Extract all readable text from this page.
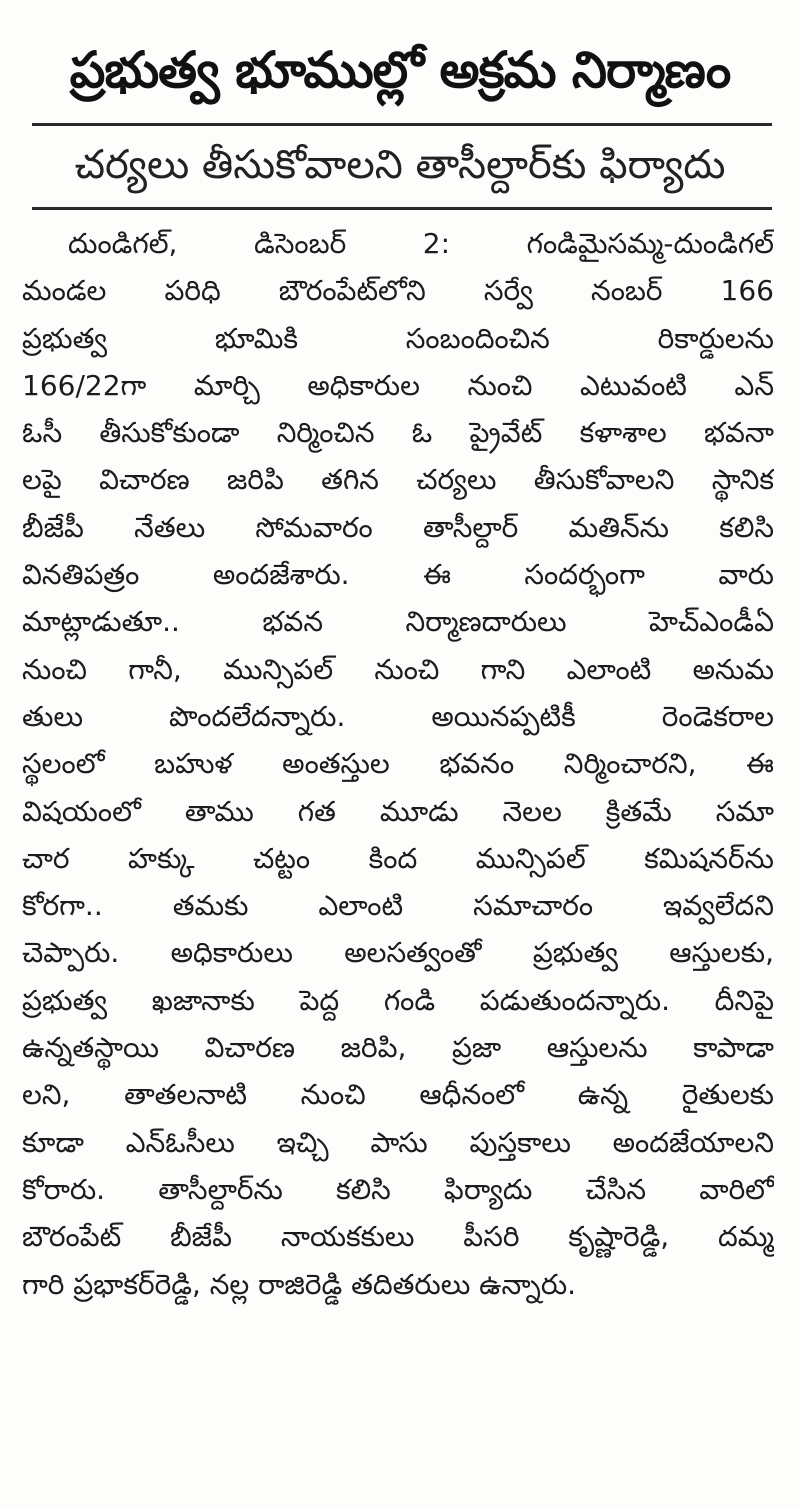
ప్రభుత్వ భూముల్లో అక్రమ నిర్మాణం
చర్యలు తీసుకోవాలని తాసీల్దార్‌కు ఫిర్యాదు
దుండిగల్, డిసెంబర్ 2: గండిమైసమ్మ-దుండిగల్
మండల పరిధి బౌరంపేట్‌లోని సర్వే నంబర్ 166
ప్రభుత్వ భూమికి సంబందించిన రికార్డులను
166/22గా మార్చి అధికారుల నుంచి ఎటువంటి ఎన్
ఓసీ తీసుకోకుండా నిర్మించిన ఓ ప్రైవేట్ కళాశాల భవనా
లపై విచారణ జరిపి తగిన చర్యలు తీసుకోవాలని స్థానిక
బీజేపీ నేతలు సోమవారం తాసీల్దార్ మతిన్‌ను కలిసి
వినతిపత్రం అందజేశారు. ఈ సందర్భంగా వారు
మాట్లాడుతూ.. భవన నిర్మాణదారులు హెచ్ఎండీఏ
నుంచి గానీ, మున్సిపల్ నుంచి గాని ఎలాంటి అనుమ
తులు పొందలేదన్నారు. అయినప్పటికీ రెండెకరాల
స్థలంలో బహుళ అంతస్తుల భవనం నిర్మించారని, ఈ
విషయంలో తాము గత మూడు నెలల క్రితమే సమా
చార హక్కు చట్టం కింద మున్సిపల్ కమిషనర్‌ను
కోరగా.. తమకు ఎలాంటి సమాచారం ఇవ్వలేదని
చెప్పారు. అధికారులు అలసత్వంతో ప్రభుత్వ ఆస్తులకు,
ప్రభుత్వ ఖజానాకు పెద్ద గండి పడుతుందన్నారు. దీనిపై
ఉన్నతస్థాయి విచారణ జరిపి, ప్రజా ఆస్తులను కాపాడా
లని, తాతలనాటి నుంచి ఆధీనంలో ఉన్న రైతులకు
కూడా ఎన్ఓసీలు ఇచ్చి పాసు పుస్తకాలు అందజేయాలని
కోరారు. తాసీల్దార్‌ను కలిసి ఫిర్యాదు చేసిన వారిలో
బౌరంపేట్ బీజేపీ నాయకకులు పీసరి కృష్ణారెడ్డి, దమ్మ
గారి ప్రభాకర్‌రెడ్డి, నల్ల రాజిరెడ్డి తదితరులు ఉన్నారు.
